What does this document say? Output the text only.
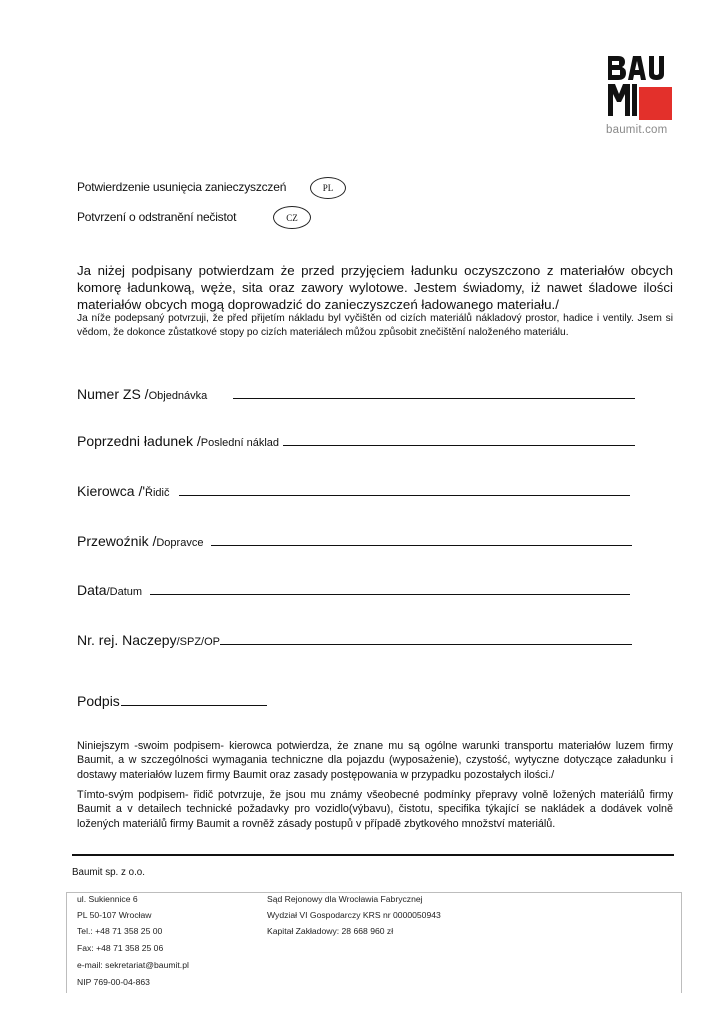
baumit.com
Potwierdzenie usunięcia zanieczyszczeń	PL
Potvrzení o odstranění nečistot	CZ
Ja niżej podpisany potwierdzam że przed przyjęciem ładunku oczyszczono z materiałów obcych komorę ładunkową, węże, sita oraz zawory wylotowe. Jestem świadomy, iż nawet śladowe ilości materiałów obcych mogą doprowadzić do zanieczyszczeń ładowanego materiału./
Ja níže podepsaný potvrzuji, že před přijetím nákladu byl vyčištěn od cizích materiálů nákladový prostor, hadice i ventily. Jsem si vědom, že dokonce zůstatkové stopy po cizích materiálech můžou způsobit znečištění naloženého materiálu.
Numer ZS / Objednávka
Poprzedni ładunek / Poslední náklad
Kierowca /' Řidič
Przewoźnik / Dopravce
Data /Datum
Nr. rej. Naczepy /SPZ/OP
Podpis
Niniejszym -swoim podpisem- kierowca potwierdza, że znane mu są ogólne warunki transportu materiałów luzem firmy Baumit, a w szczególności wymagania techniczne dla pojazdu (wyposażenie), czystość, wytyczne dotyczące załadunku i dostawy materiałów luzem firmy Baumit oraz zasady postępowania w przypadku pozostałych ilości./
Tímto-svým podpisem- řidič potvrzuje, že jsou mu známy všeobecné podmínky přepravy volně ložených materiálů firmy Baumit a v detailech technické požadavky pro vozidlo(výbavu), čistotu, specifika týkající se nakládek a dodávek volně ložených materiálů firmy Baumit a rovněž zásady postupů v případě zbytkového množství materiálů.
Baumit sp. z o.o.
ul. Sukiennice 6
PL 50-107 Wrocław
Tel.: +48 71 358 25 00
Fax: +48 71 358 25 06
e-mail: sekretariat@baumit.pl
NIP 769-00-04-863
Sąd Rejonowy dla Wrocławia Fabrycznej
Wydział VI Gospodarczy KRS nr 0000050943
Kapitał Zakładowy: 28 668 960 zł
